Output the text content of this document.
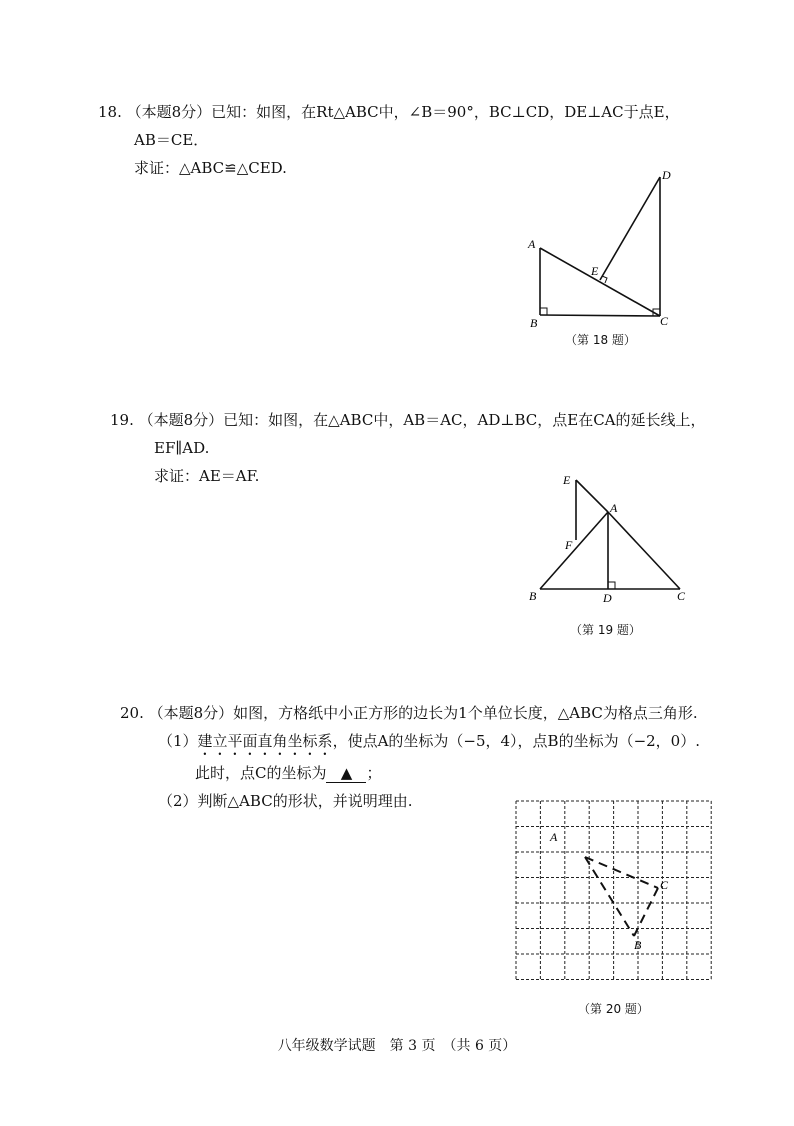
18. （本题8分）已知：如图，在Rt△ABC中，∠B＝90°，BC⊥CD，DE⊥AC于点E，
AB＝CE．
求证：△ABC≌△CED.
A
B	C
D
E
（第 18 题）
19. （本题8分）已知：如图，在△ABC中，AB＝AC，AD⊥BC，点E在CA的延长线上，
EF∥AD.
求证：AE＝AF.	E
A
F
B	D	C
（第 19 题）
20. （本题8分）如图，方格纸中小正方形的边长为1个单位长度，△ABC为格点三角形.
（1）建立平面直角坐标系，使点A的坐标为（−5，4），点B的坐标为（−2，0）.
此时，点C的坐标为 ▲ ；
（2）判断△ABC的形状，并说明理由.
A
C
B
（第 20 题）
八年级数学试题　第 3 页　（共 6 页）
